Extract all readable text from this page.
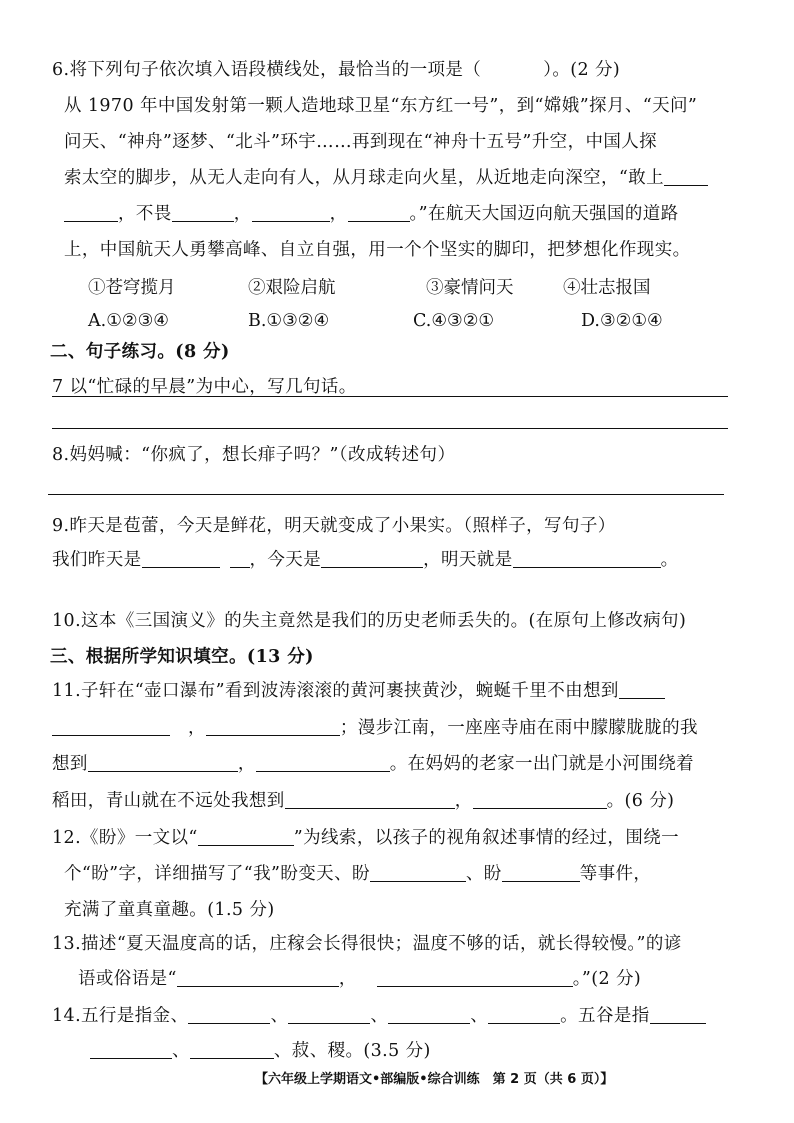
6.将下列句子依次填入语段横线处，最恰当的一项是（	）。(2 分)
从 1970 年中国发射第一颗人造地球卫星“东方红一号”，到“嫦娥”探月、“天问”
问天、“神舟”逐梦、“北斗”环宇……再到现在“神舟十五号”升空，中国人探
索太空的脚步，从无人走向有人，从月球走向火星，从近地走向深空，“敢上
，不畏	，	，	。”在航天大国迈向航天强国的道路
上，中国航天人勇攀高峰、自立自强，用一个个坚实的脚印，把梦想化作现实。
①苍穹揽月	②艰险启航	③豪情问天	④壮志报国
A.①②③④	B.①③②④	C.④③②①	D.③②①④
二、句子练习。(8 分)
7 以“忙碌的早晨”为中心，写几句话。
8.妈妈喊：“你疯了，想长痱子吗？”（改成转述句）
9.昨天是苞蕾，今天是鲜花，明天就变成了小果实。（照样子，写句子）
我们昨天是	，今天是	，明天就是	。
10.这本《三国演义》的失主竟然是我们的历史老师丢失的。(在原句上修改病句)
三、根据所学知识填空。(13 分)
11.子轩在“壶口瀑布”看到波涛滚滚的黄河裹挟黄沙，蜿蜒千里不由想到
，	；漫步江南，一座座寺庙在雨中朦朦胧胧的我
想到	，	。在妈妈的老家一出门就是小河围绕着
稻田，青山就在不远处我想到	，	。(6 分)
12.《盼》一文以“	”为线索，以孩子的视角叙述事情的经过，围绕一
个“盼”字，详细描写了“我”盼变天、盼	、盼	等事件，
充满了童真童趣。(1.5 分)
13.描述“夏天温度高的话，庄稼会长得很快；温度不够的话，就长得较慢。”的谚
语或俗语是“	，	。”(2 分)
14.五行是指金、	、	、	、	。五谷是指
、	、菽、稷。(3.5 分)
【六年级上学期语文•部编版•综合训练　第 2 页（共 6 页）】
